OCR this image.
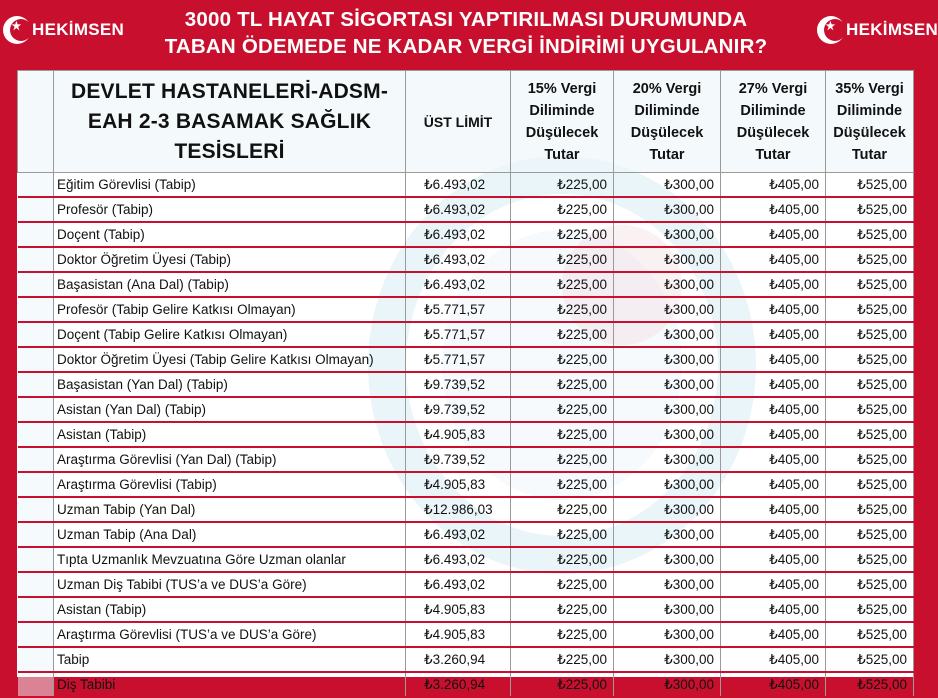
HEKİMSEN	3000 TL HAYAT SİGORTASI YAPTIRILMASI DURUMUNDA
TABAN ÖDEMEDE NE KADAR VERGİ İNDİRİMİ UYGULANIR?
HEKİMSEN
	DEVLET HASTANELERİ-ADSM-EAH 2-3 BASAMAK SAĞLIK TESİSLERİ	ÜST LİMİT	15% Vergi Diliminde Düşülecek Tutar	20% Vergi Diliminde Düşülecek Tutar	27% Vergi Diliminde Düşülecek Tutar	35% Vergi Diliminde Düşülecek Tutar
	Eğitim Görevlisi (Tabip)	₺6.493,02	₺225,00	₺300,00	₺405,00	₺525,00
	Profesör (Tabip)	₺6.493,02	₺225,00	₺300,00	₺405,00	₺525,00
	Doçent (Tabip)	₺6.493,02	₺225,00	₺300,00	₺405,00	₺525,00
	Doktor Öğretim Üyesi (Tabip)	₺6.493,02	₺225,00	₺300,00	₺405,00	₺525,00
	Başasistan (Ana Dal) (Tabip)	₺6.493,02	₺225,00	₺300,00	₺405,00	₺525,00
	Profesör (Tabip Gelire Katkısı Olmayan)	₺5.771,57	₺225,00	₺300,00	₺405,00	₺525,00
	Doçent (Tabip Gelire Katkısı Olmayan)	₺5.771,57	₺225,00	₺300,00	₺405,00	₺525,00
	Doktor Öğretim Üyesi (Tabip Gelire Katkısı Olmayan)	₺5.771,57	₺225,00	₺300,00	₺405,00	₺525,00
	Başasistan (Yan Dal) (Tabip)	₺9.739,52	₺225,00	₺300,00	₺405,00	₺525,00
	Asistan (Yan Dal) (Tabip)	₺9.739,52	₺225,00	₺300,00	₺405,00	₺525,00
	Asistan (Tabip)	₺4.905,83	₺225,00	₺300,00	₺405,00	₺525,00
	Araştırma Görevlisi (Yan Dal) (Tabip)	₺9.739,52	₺225,00	₺300,00	₺405,00	₺525,00
	Araştırma Görevlisi (Tabip)	₺4.905,83	₺225,00	₺300,00	₺405,00	₺525,00
	Uzman Tabip (Yan Dal)	₺12.986,03	₺225,00	₺300,00	₺405,00	₺525,00
	Uzman Tabip (Ana Dal)	₺6.493,02	₺225,00	₺300,00	₺405,00	₺525,00
	Tıpta Uzmanlık Mevzuatına Göre Uzman olanlar	₺6.493,02	₺225,00	₺300,00	₺405,00	₺525,00
	Uzman Diş Tabibi (TUS’a ve DUS’a Göre)	₺6.493,02	₺225,00	₺300,00	₺405,00	₺525,00
	Asistan (Tabip)	₺4.905,83	₺225,00	₺300,00	₺405,00	₺525,00
	Araştırma Görevlisi (TUS’a ve DUS’a Göre)	₺4.905,83	₺225,00	₺300,00	₺405,00	₺525,00
	Tabip	₺3.260,94	₺225,00	₺300,00	₺405,00	₺525,00
	Diş Tabibi	₺3.260,94	₺225,00	₺300,00	₺405,00	₺525,00
